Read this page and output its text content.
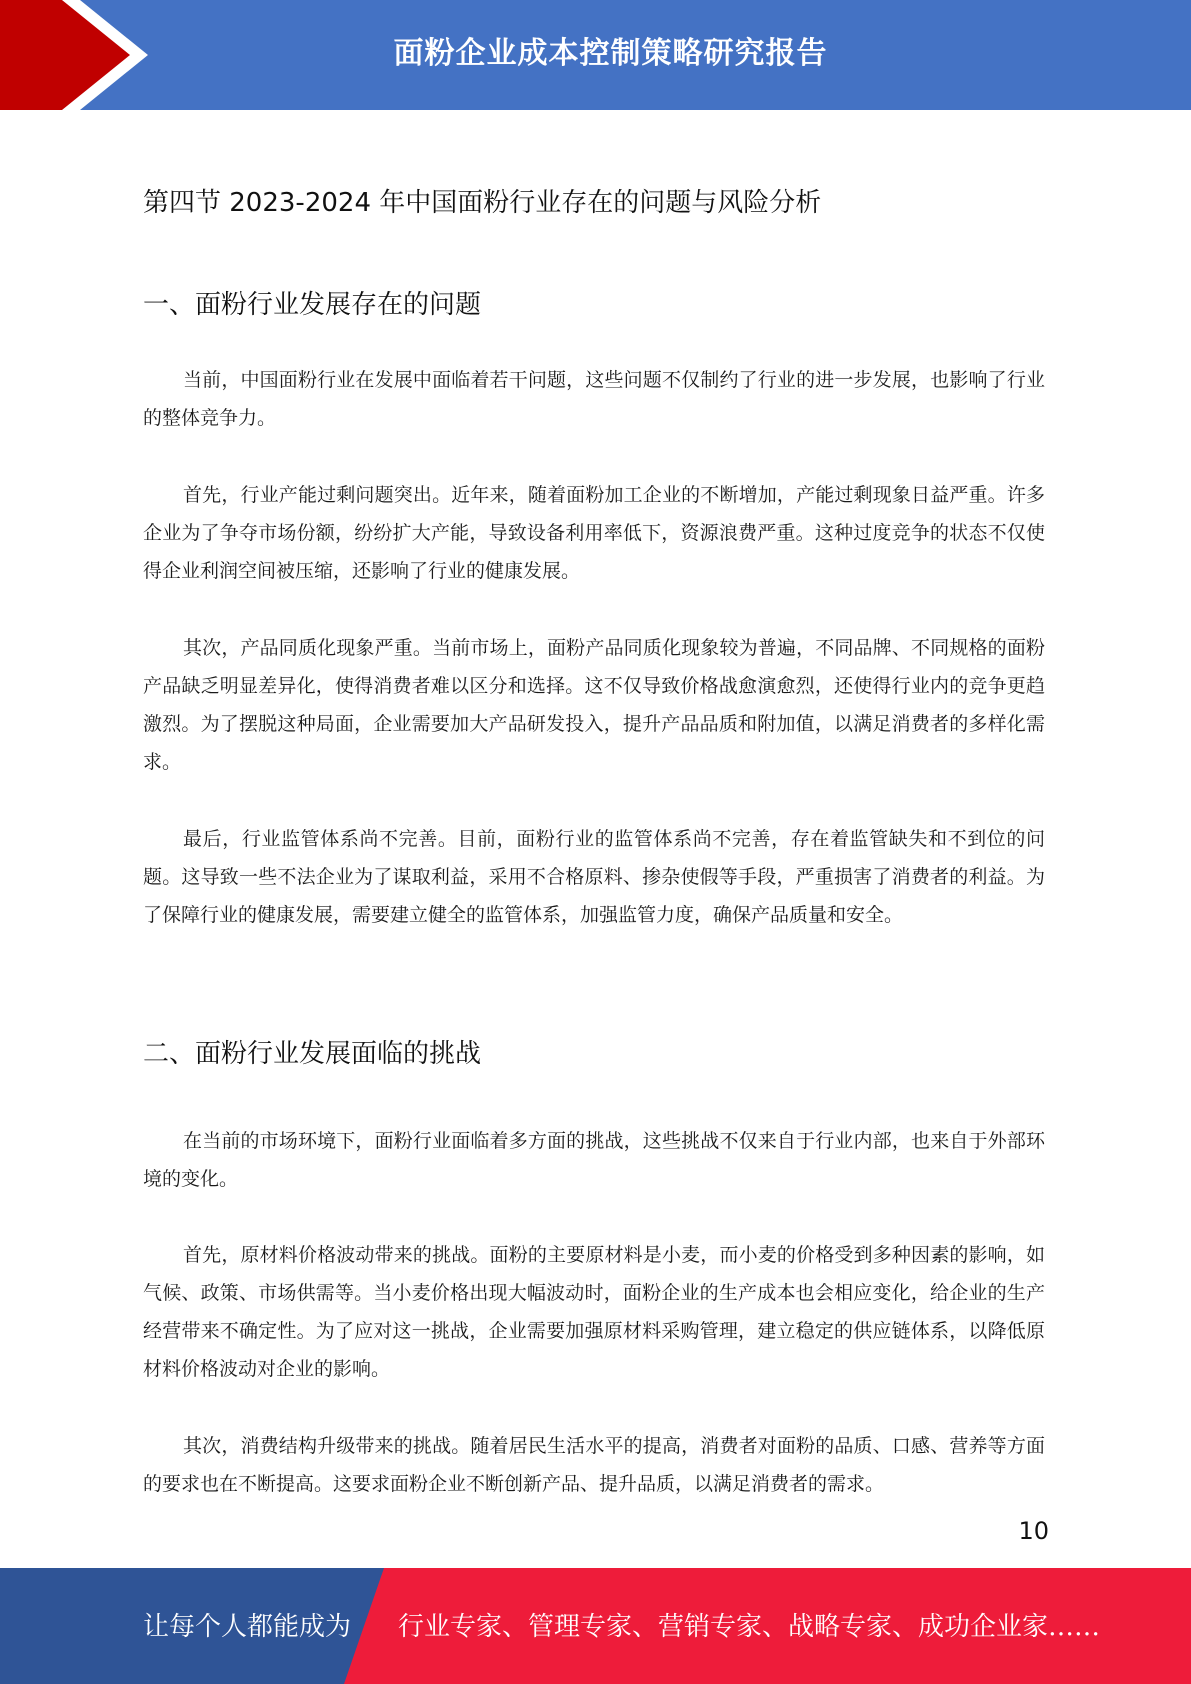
面粉企业成本控制策略研究报告
第四节 2023-2024 年中国面粉行业存在的问题与风险分析
一、面粉行业发展存在的问题

当前，中国面粉行业在发展中面临着若干问题，这些问题不仅制约了行业的进一步发展，也影响了行业的整体竞争力。

首先，行业产能过剩问题突出。近年来，随着面粉加工企业的不断增加，产能过剩现象日益严重。许多企业为了争夺市场份额，纷纷扩大产能，导致设备利用率低下，资源浪费严重。这种过度竞争的状态不仅使得企业利润空间被压缩，还影响了行业的健康发展。

其次，产品同质化现象严重。当前市场上，面粉产品同质化现象较为普遍，不同品牌、不同规格的面粉产品缺乏明显差异化，使得消费者难以区分和选择。这不仅导致价格战愈演愈烈，还使得行业内的竞争更趋激烈。为了摆脱这种局面，企业需要加大产品研发投入，提升产品品质和附加值，以满足消费者的多样化需求。

最后，行业监管体系尚不完善。目前，面粉行业的监管体系尚不完善，存在着监管缺失和不到位的问题。这导致一些不法企业为了谋取利益，采用不合格原料、掺杂使假等手段，严重损害了消费者的利益。为了保障行业的健康发展，需要建立健全的监管体系，加强监管力度，确保产品质量和安全。

二、面粉行业发展面临的挑战

在当前的市场环境下，面粉行业面临着多方面的挑战，这些挑战不仅来自于行业内部，也来自于外部环境的变化。

首先，原材料价格波动带来的挑战。面粉的主要原材料是小麦，而小麦的价格受到多种因素的影响，如气候、政策、市场供需等。当小麦价格出现大幅波动时，面粉企业的生产成本也会相应变化，给企业的生产经营带来不确定性。为了应对这一挑战，企业需要加强原材料采购管理，建立稳定的供应链体系，以降低原材料价格波动对企业的影响。

其次，消费结构升级带来的挑战。随着居民生活水平的提高，消费者对面粉的品质、口感、营养等方面的要求也在不断提高。这要求面粉企业不断创新产品、提升品质，以满足消费者的需求。

10
让每个人都能成为 行业专家、管理专家、营销专家、战略专家、成功企业家……
